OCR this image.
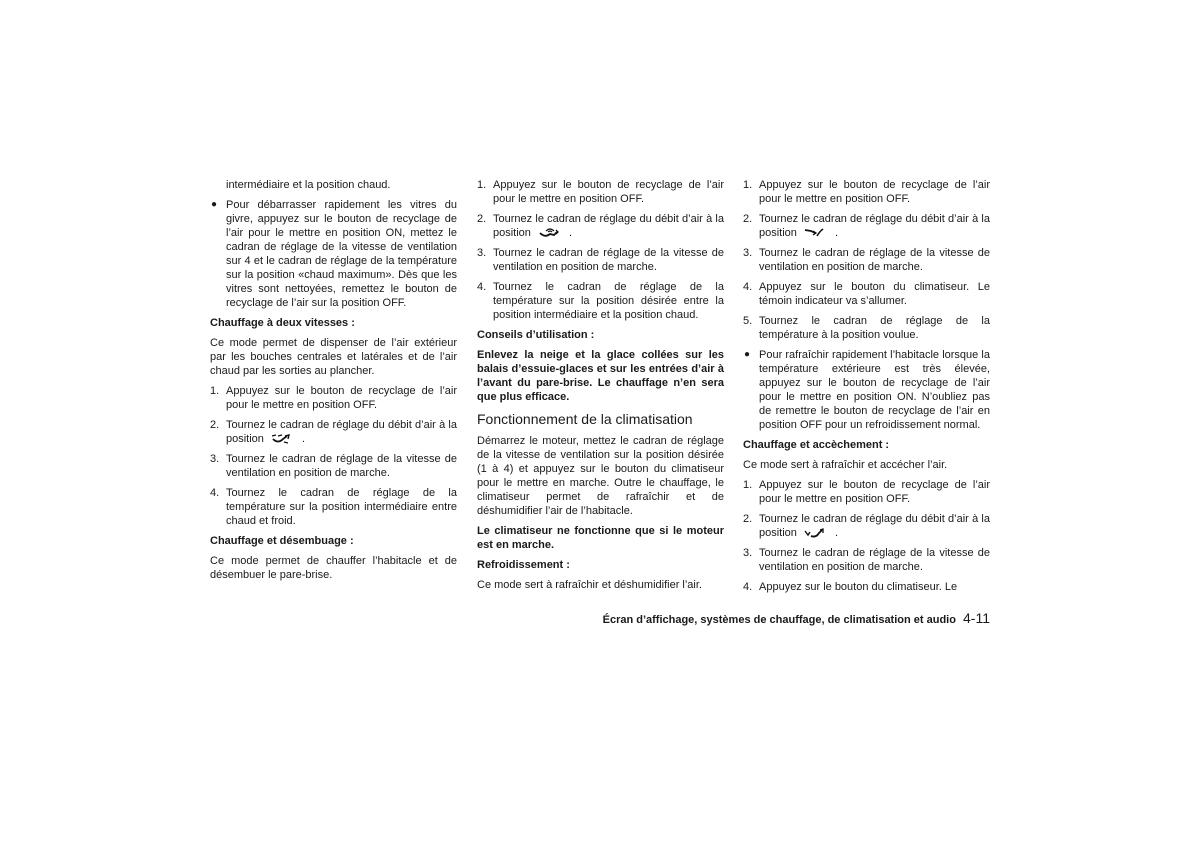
intermédiaire et la position chaud.

● Pour débarrasser rapidement les vitres du givre, appuyez sur le bouton de recyclage de l’air pour le mettre en position ON, mettez le cadran de réglage de la vitesse de ventilation sur 4 et le cadran de réglage de la température sur la position «chaud maximum». Dès que les vitres sont nettoyées, remettez le bouton de recyclage de l’air sur la position OFF.
Chauffage à deux vitesses :

Ce mode permet de dispenser de l’air extérieur par les bouches centrales et latérales et de l’air chaud par les sorties au plancher.

1. Appuyez sur le bouton de recyclage de l’air pour le mettre en position OFF.
2. Tournez le cadran de réglage du débit d’air à la position	.
3. Tournez le cadran de réglage de la vitesse de ventilation en position de marche.
4. Tournez le cadran de réglage de la température sur la position intermédiaire entre chaud et froid.
Chauffage et désembuage :

Ce mode permet de chauffer l’habitacle et de désembuer le pare-brise.

1. Appuyez sur le bouton de recyclage de l’air pour le mettre en position OFF.
2. Tournez le cadran de réglage du débit d’air à la position	.
3. Tournez le cadran de réglage de la vitesse de ventilation en position de marche.
4. Tournez le cadran de réglage de la température sur la position désirée entre la position intermédiaire et la position chaud.
Conseils d’utilisation :

Enlevez la neige et la glace collées sur les balais d’essuie-glaces et sur les entrées d’air à l’avant du pare-brise. Le chauffage n’en sera que plus efficace.

Fonctionnement de la climatisation

Démarrez le moteur, mettez le cadran de réglage de la vitesse de ventilation sur la position désirée (1 à 4) et appuyez sur le bouton du climatiseur pour le mettre en marche. Outre le chauffage, le climatiseur permet de rafraîchir et de déshumidifier l’air de l’habitacle.

Le climatiseur ne fonctionne que si le moteur est en marche.

Refroidissement :

Ce mode sert à rafraîchir et déshumidifier l’air.

1. Appuyez sur le bouton de recyclage de l’air pour le mettre en position OFF.
2. Tournez le cadran de réglage du débit d’air à la position	.
3. Tournez le cadran de réglage de la vitesse de ventilation en position de marche.
4. Appuyez sur le bouton du climatiseur. Le témoin indicateur va s’allumer.
5. Tournez le cadran de réglage de la température à la position voulue.
● Pour rafraîchir rapidement l’habitacle lorsque la température extérieure est très élevée, appuyez sur le bouton de recyclage de l’air pour le mettre en position ON. N’oubliez pas de remettre le bouton de recyclage de l’air en position OFF pour un refroidissement normal.
Chauffage et accèchement :

Ce mode sert à rafraîchir et accécher l’air.

1. Appuyez sur le bouton de recyclage de l’air pour le mettre en position OFF.
2. Tournez le cadran de réglage du débit d’air à la position	.
3. Tournez le cadran de réglage de la vitesse de ventilation en position de marche.
4. Appuyez sur le bouton du climatiseur. Le
Écran d’affichage, systèmes de chauffage, de climatisation et audio 4-11
